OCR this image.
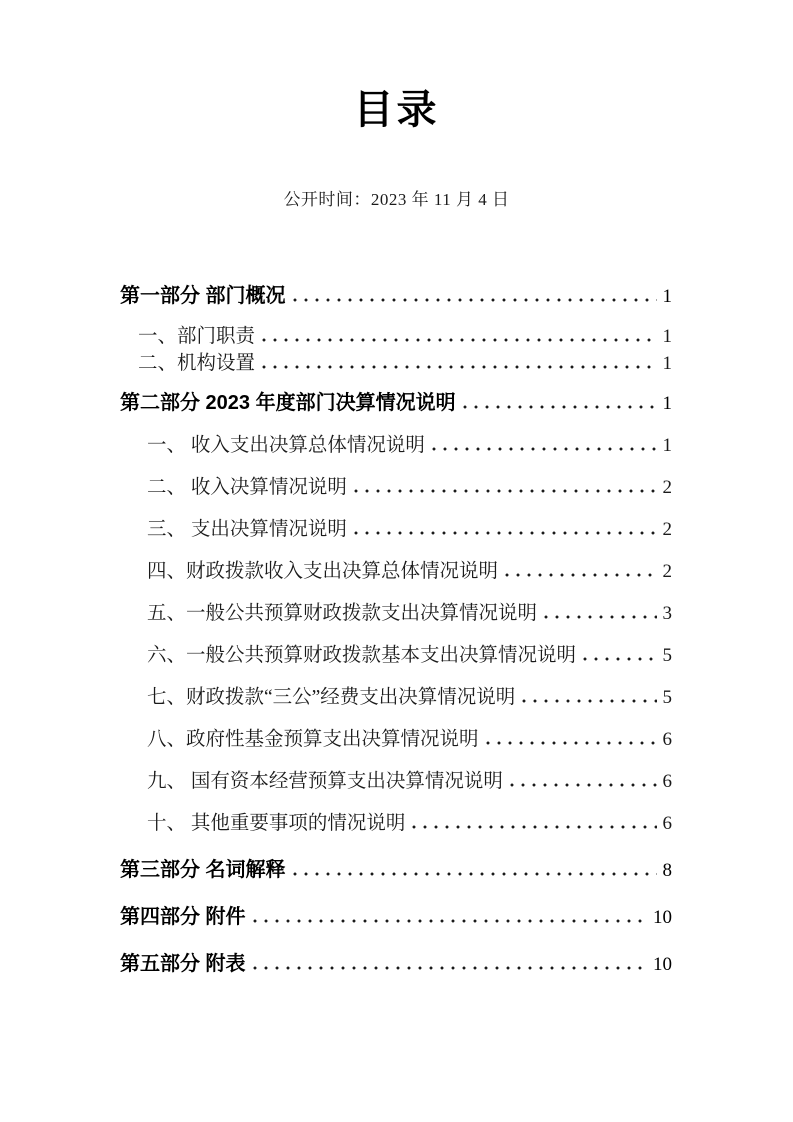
目录
公开时间：2023 年 11 月 4 日
第一部分 部门概况	1
一、部门职责	1
二、机构设置	1
第二部分 2023 年度部门决算情况说明	1
一、 收入支出决算总体情况说明	1
二、 收入决算情况说明	2
三、 支出决算情况说明	2
四、财政拨款收入支出决算总体情况说明	2
五、一般公共预算财政拨款支出决算情况说明	3
六、一般公共预算财政拨款基本支出决算情况说明	5
七、财政拨款“三公”经费支出决算情况说明	5
八、政府性基金预算支出决算情况说明	6
九、 国有资本经营预算支出决算情况说明	6
十、 其他重要事项的情况说明	6
第三部分 名词解释	8
第四部分 附件	10
第五部分 附表	10
